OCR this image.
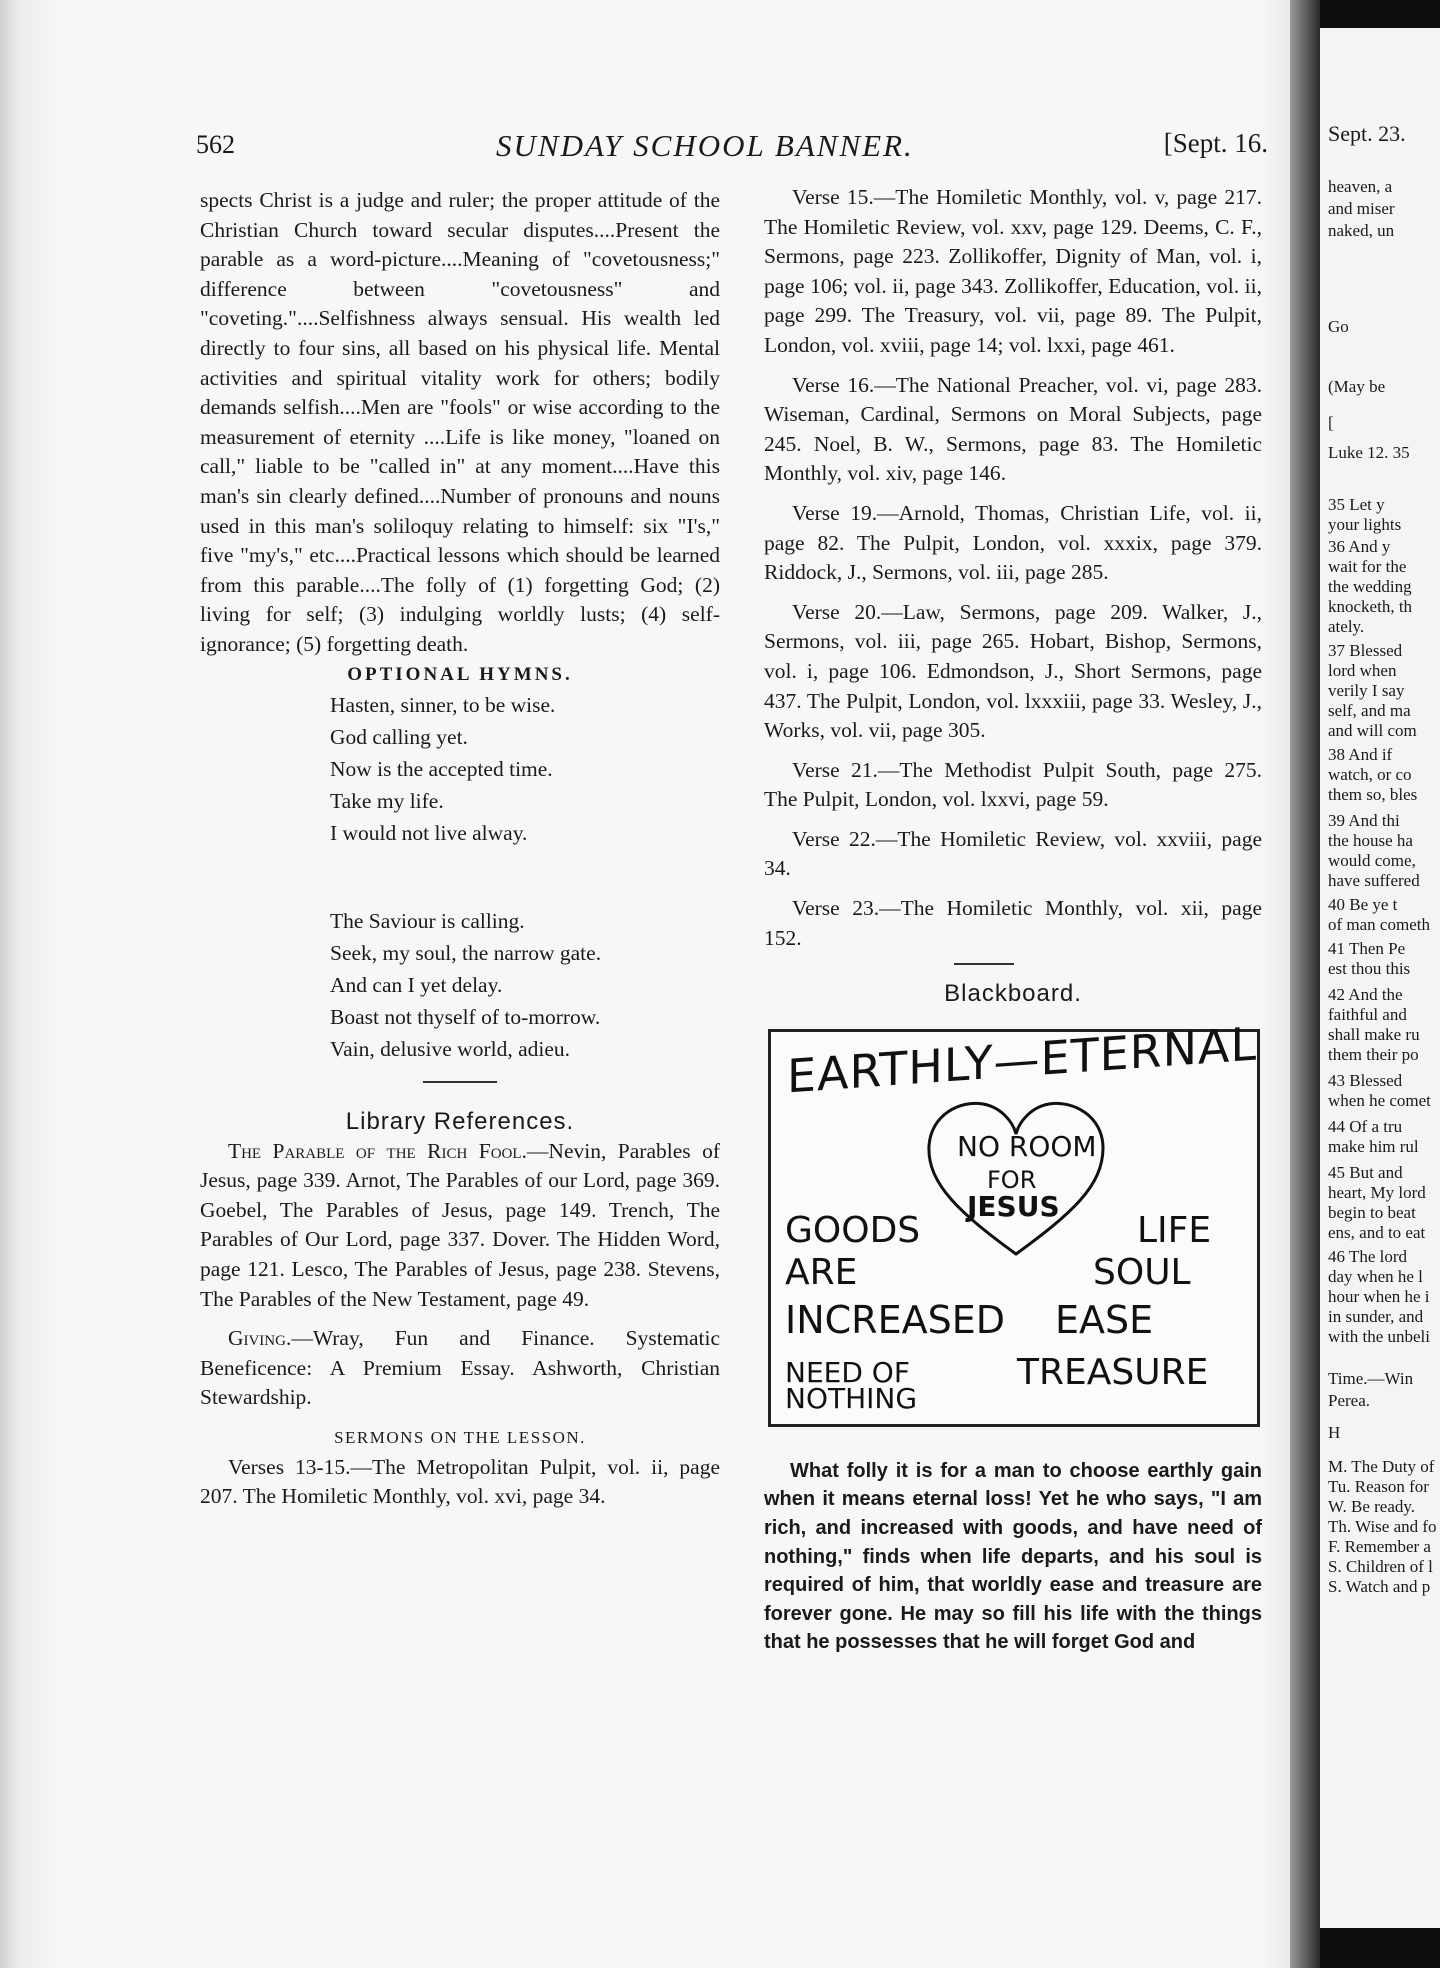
562	SUNDAY SCHOOL BANNER.	[Sept. 16.

spects Christ is a judge and ruler; the proper attitude of the Christian Church toward secular disputes....Present the parable as a word-picture....Meaning of "covetousness;" difference between "covetousness" and "coveting."....Selfishness always sensual. His wealth led directly to four sins, all based on his physical life. Mental activities and spiritual vitality work for others; bodily demands selfish....Men are "fools" or wise according to the measurement of eternity ....Life is like money, "loaned on call," liable to be "called in" at any moment....Have this man's sin clearly defined....Number of pronouns and nouns used in this man's soliloquy relating to himself: six "I's," five "my's," etc....Practical lessons which should be learned from this parable....The folly of (1) forgetting God; (2) living for self; (3) indulging worldly lusts; (4) self-ignorance; (5) forgetting death.

OPTIONAL HYMNS.

Hasten, sinner, to be wise.

God calling yet.

Now is the accepted time.

Take my life.

I would not live alway.

The Saviour is calling.

Seek, my soul, the narrow gate.

And can I yet delay.

Boast not thyself of to-morrow.

Vain, delusive world, adieu.

Library References.

The Parable of the Rich Fool.—Nevin, Parables of Jesus, page 339. Arnot, The Parables of our Lord, page 369. Goebel, The Parables of Jesus, page 149. Trench, The Parables of Our Lord, page 337. Dover. The Hidden Word, page 121. Lesco, The Parables of Jesus, page 238. Stevens, The Parables of the New Testament, page 49.

Giving.—Wray, Fun and Finance. Systematic Beneficence: A Premium Essay. Ashworth, Christian Stewardship.

SERMONS ON THE LESSON.

Verses 13-15.—The Metropolitan Pulpit, vol. ii, page 207. The Homiletic Monthly, vol. xvi, page 34.

Verse 15.—The Homiletic Monthly, vol. v, page 217. The Homiletic Review, vol. xxv, page 129. Deems, C. F., Sermons, page 223. Zollikoffer, Dignity of Man, vol. i, page 106; vol. ii, page 343. Zollikoffer, Education, vol. ii, page 299. The Treasury, vol. vii, page 89. The Pulpit, London, vol. xviii, page 14; vol. lxxi, page 461.

Verse 16.—The National Preacher, vol. vi, page 283. Wiseman, Cardinal, Sermons on Moral Subjects, page 245. Noel, B. W., Sermons, page 83. The Homiletic Monthly, vol. xiv, page 146.

Verse 19.—Arnold, Thomas, Christian Life, vol. ii, page 82. The Pulpit, London, vol. xxxix, page 379. Riddock, J., Sermons, vol. iii, page 285.

Verse 20.—Law, Sermons, page 209. Walker, J., Sermons, vol. iii, page 265. Hobart, Bishop, Sermons, vol. i, page 106. Edmondson, J., Short Sermons, page 437. The Pulpit, London, vol. lxxxiii, page 33. Wesley, J., Works, vol. vii, page 305.

Verse 21.—The Methodist Pulpit South, page 275. The Pulpit, London, vol. lxxvi, page 59.

Verse 22.—The Homiletic Review, vol. xxviii, page 34.

Verse 23.—The Homiletic Monthly, vol. xii, page 152.

Blackboard.

EARTHLY—ETERNAL
NO ROOM
FOR
JESUS
GOODS
ARE
INCREASED
NEED OF
NOTHING
LIFE
SOUL
EASE
TREASURE

What folly it is for a man to choose earthly gain when it means eternal loss! Yet he who says, "I am rich, and increased with goods, and have need of nothing," finds when life departs, and his soul is required of him, that worldly ease and treasure are forever gone. He may so fill his life with the things that he possesses that he will forget God and

Sept. 23.
heaven, a
and miser
naked, un
Go
(May be
[
Luke 12. 35
35 Let y
your lights
36 And y
wait for the
the wedding
knocketh, th
ately.
37 Blessed
lord when
verily I say
self, and ma
and will com
38 And if
watch, or co
them so, bles
39 And thi
the house ha
would come,
have suffered
40 Be ye t
of man cometh
41 Then Pe
est thou this
42 And the
faithful and
shall make ru
them their po
43 Blessed
when he comet
44 Of a tru
make him rul
45 But and
heart, My lord
begin to beat
ens, and to eat
46 The lord
day when he l
hour when he i
in sunder, and
with the unbeli
Time.—Win
Perea.
H
M. The Duty of
Tu. Reason for
W. Be ready.
Th. Wise and fo
F. Remember a
S. Children of l
S. Watch and p
